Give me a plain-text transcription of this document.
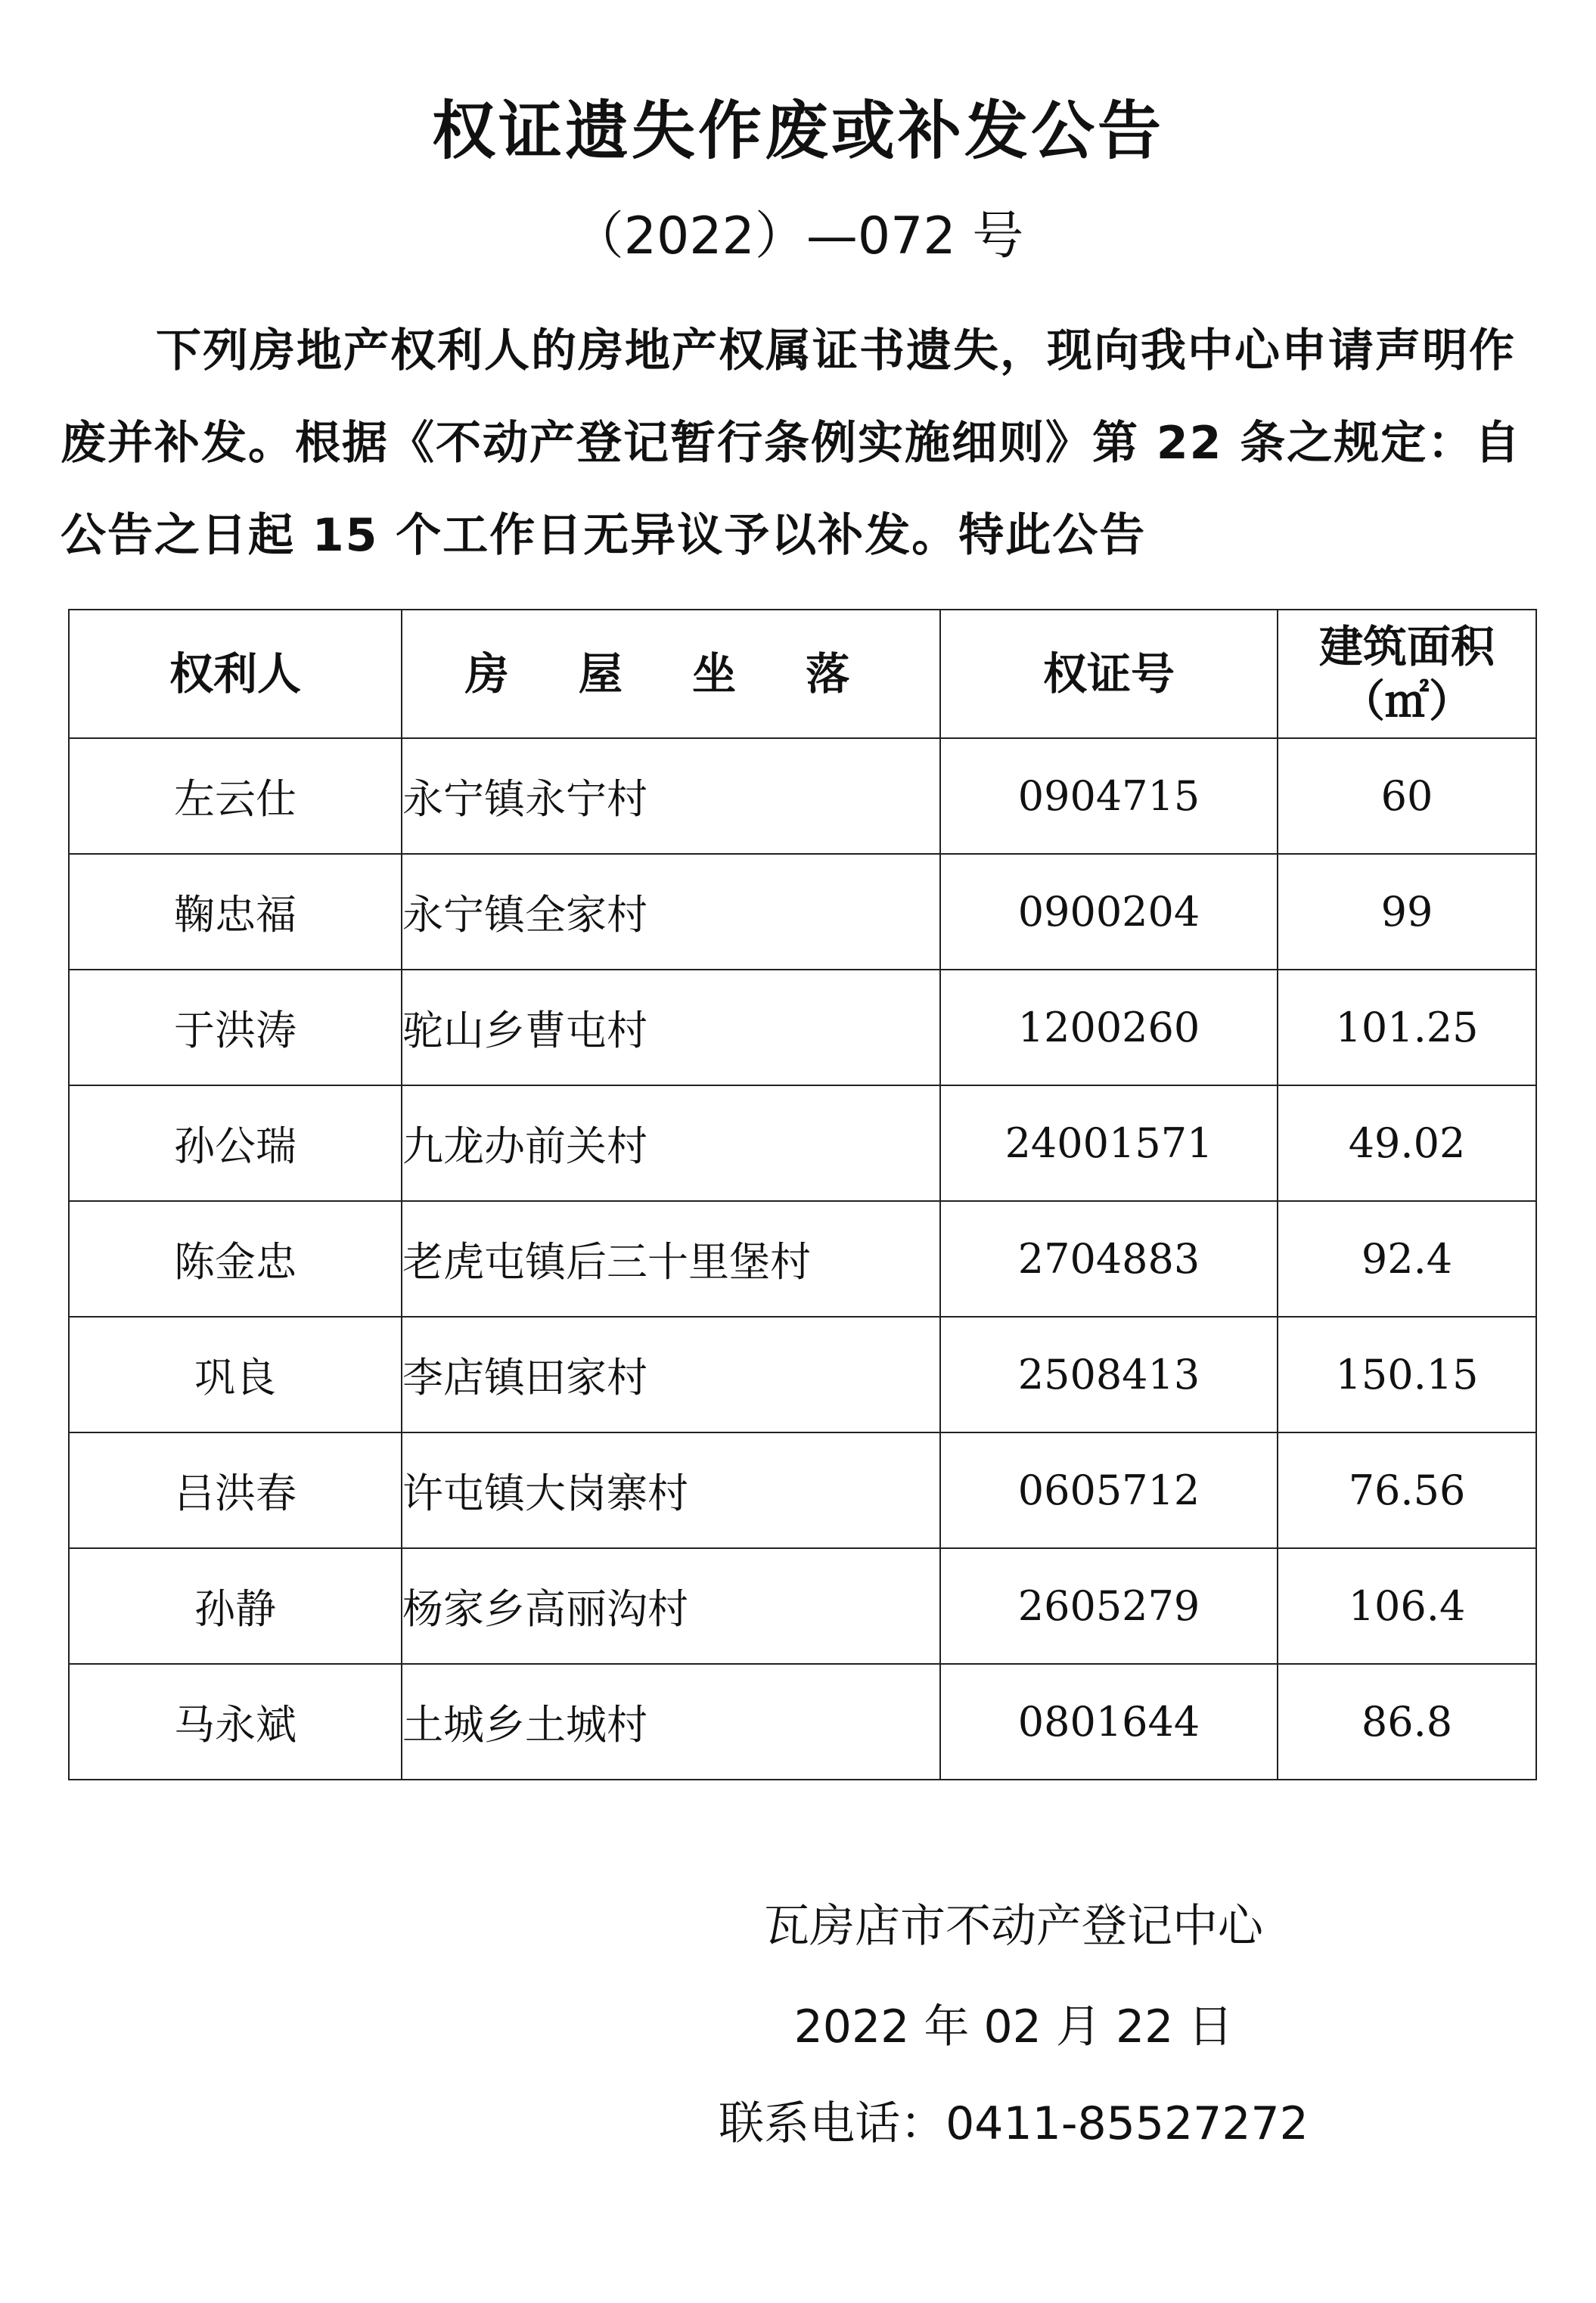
权证遗失作废或补发公告
（2022）—072 号
下列房地产权利人的房地产权属证书遗失，现向我中心申请声明作废并补发。根据《不动产登记暂行条例实施细则》第 22 条之规定：自公告之日起 15 个工作日无异议予以补发。特此公告
权利人	房 屋 坐 落	权证号	建筑面积
（㎡）

左云仕	永宁镇永宁村	0904715	60
鞠忠福	永宁镇全家村	0900204	99
于洪涛	驼山乡曹屯村	1200260	101.25
孙公瑞	九龙办前关村	24001571	49.02
陈金忠	老虎屯镇后三十里堡村	2704883	92.4
巩良	李店镇田家村	2508413	150.15
吕洪春	许屯镇大岗寨村	0605712	76.56
孙静	杨家乡高丽沟村	2605279	106.4
马永斌	土城乡土城村	0801644	86.8
瓦房店市不动产登记中心
2022 年 02 月 22 日
联系电话：0411-85527272
